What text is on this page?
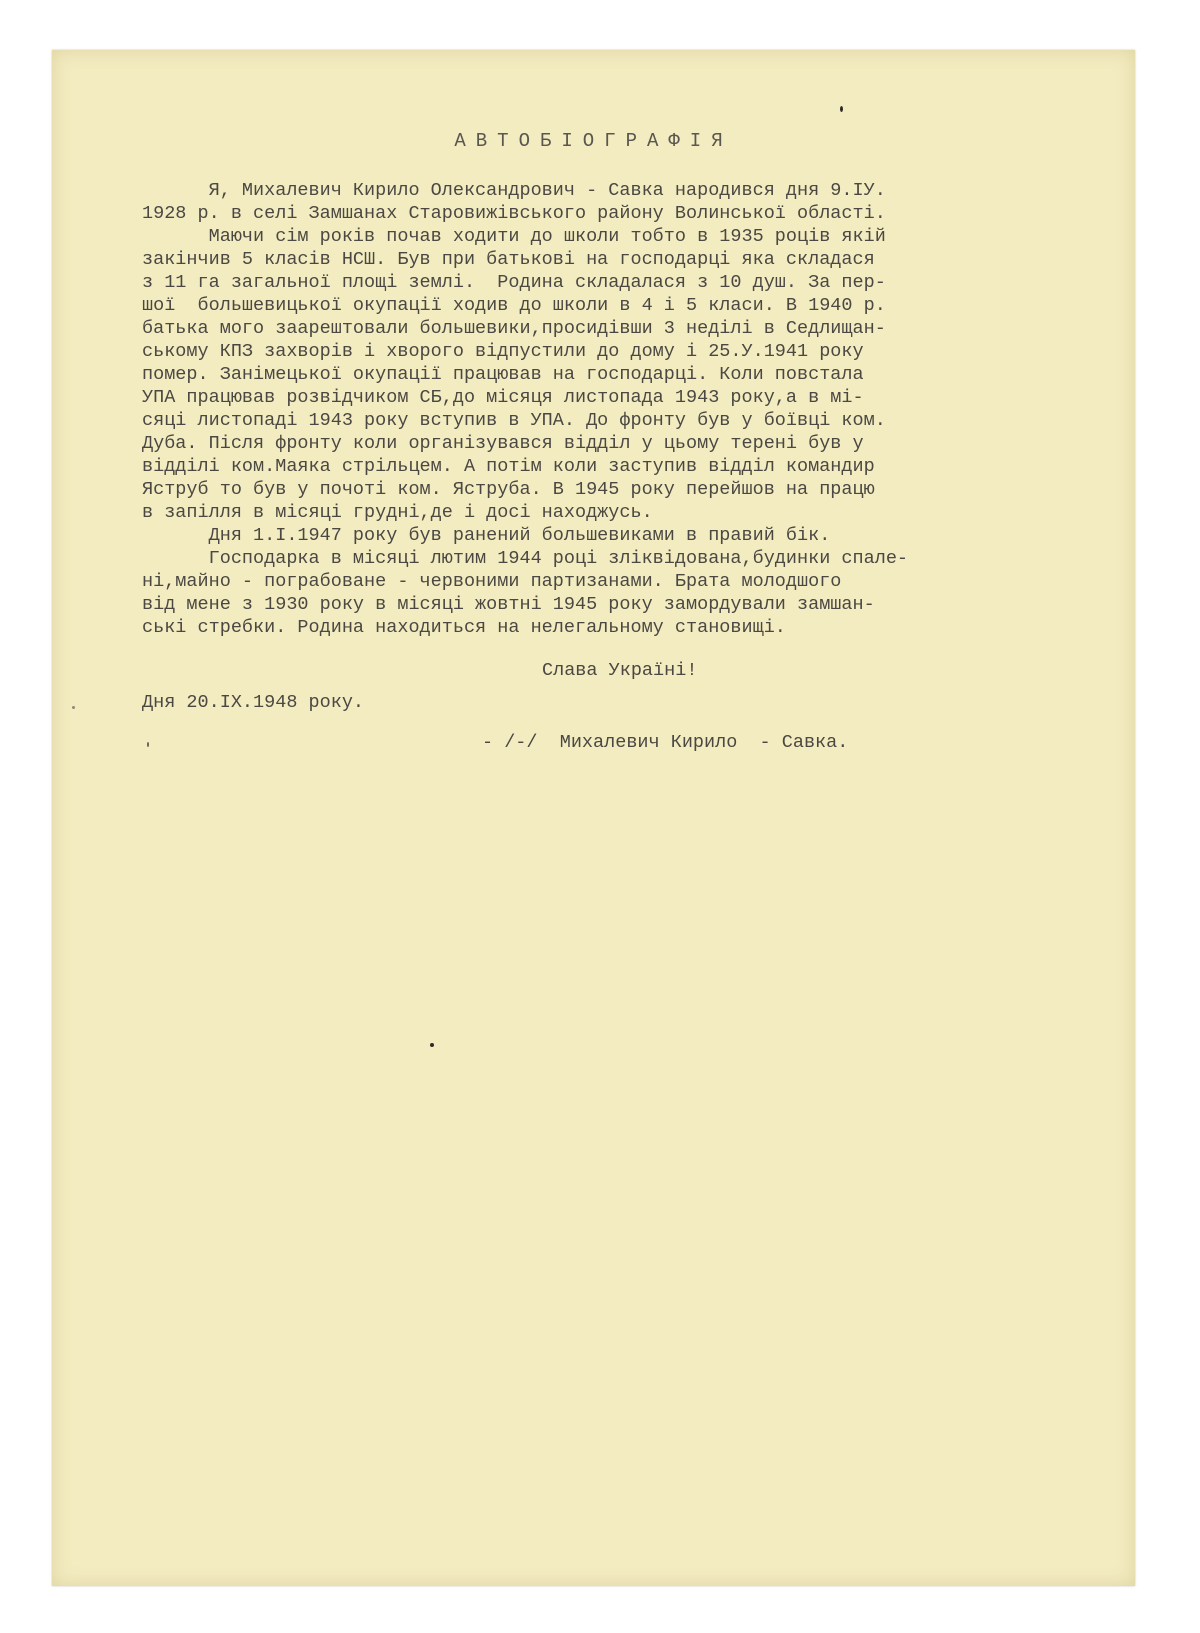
АВТОБІОГРАФІЯ
Я, Михалевич Кирило Олександрович - Савка народився дня 9.ІУ.
1928 р. в селі Замшанах Старовижівського району Волинської області.
Маючи сім років почав ходити до школи тобто в 1935 роців якій
закінчив 5 класів НСШ. Був при батькові на господарці яка складася
з 11 га загальної площі землі.  Родина складалася з 10 душ. За пер-
шої  большевицької окупації ходив до школи в 4 і 5 класи. В 1940 р.
батька мого заарештовали большевики,просидівши 3 неділі в Седлищан-
ському КПЗ захворів і хворого відпустили до дому і 25.У.1941 року
помер. Занімецької окупації працював на господарці. Коли повстала
УПА працював розвідчиком СБ,до місяця листопада 1943 року,а в мі-
сяці листопаді 1943 року вступив в УПА. До фронту був у боївці ком.
Дуба. Після фронту коли організувався відділ у цьому терені був у
відділі ком.Маяка стрільцем. А потім коли заступив відділ командир
Яструб то був у почоті ком. Яструба. В 1945 року перейшов на працю
в запілля в місяці грудні,де і досі находжусь.
Дня 1.І.1947 року був ранений большевиками в правий бік.
Господарка в місяці лютим 1944 році зліквідована,будинки спале-
ні,майно - пограбоване - червоними партизанами. Брата молодшого
від мене з 1930 року в місяці жовтні 1945 року замордували замшан-
ські стребки. Родина находиться на нелегальному становищі.
Слава Україні!
Дня 20.ІХ.1948 року.
- /-/  Михалевич Кирило  - Савка.
